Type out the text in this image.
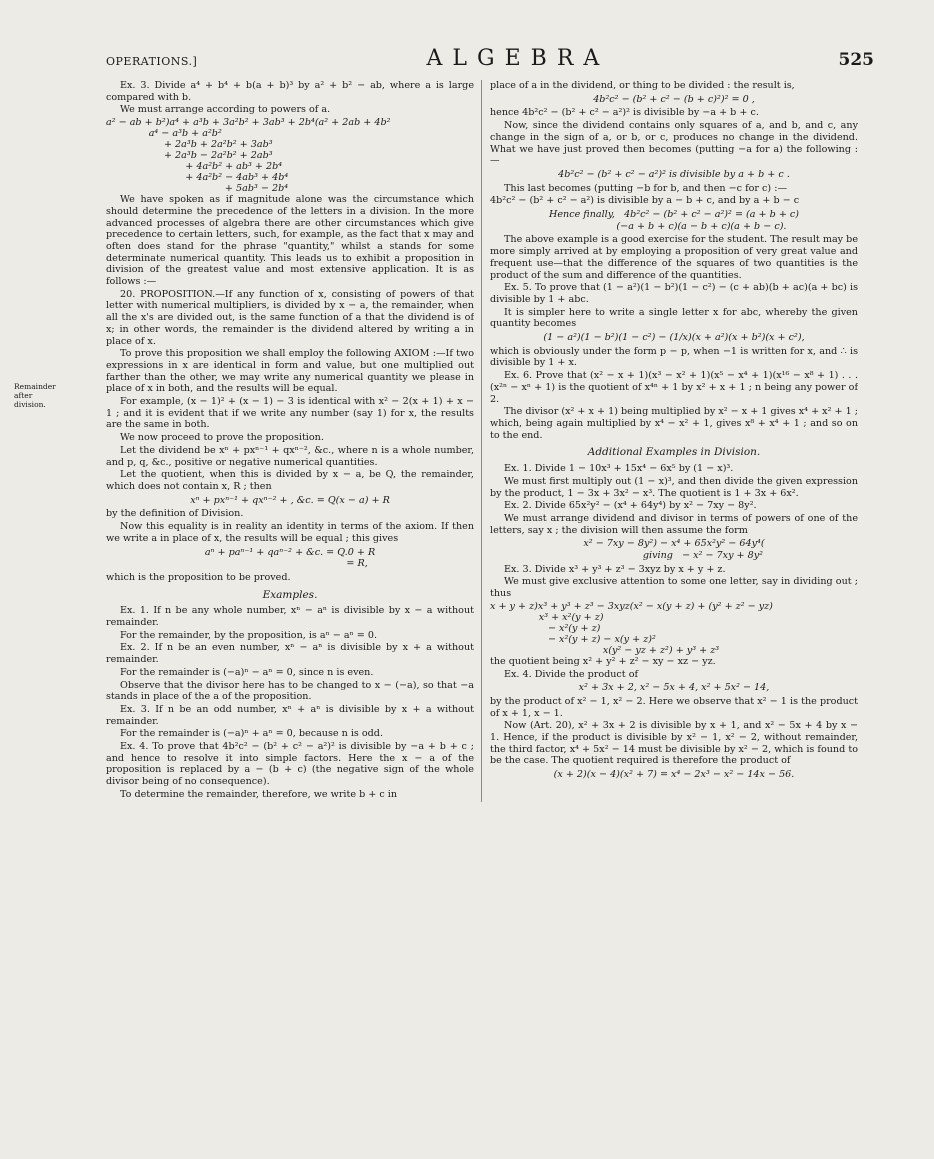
OPERATIONS.]	ALGEBRA	525

Ex. 3. Divide a⁴ + b⁴ + b(a + b)³ by a² + b² − ab, where a is large compared with b.

We must arrange according to powers of a.

a² − ab + b²)a⁴ + a³b + 3a²b² + 3ab³ + 2b⁴(a² + 2ab + 4b²
a⁴ − a³b + a²b²
+ 2a³b + 2a²b² + 3ab³
+ 2a³b − 2a²b² + 2ab³
+ 4a²b² + ab³ + 2b⁴
+ 4a²b² − 4ab³ + 4b⁴
+ 5ab³ − 2b⁴

We have spoken as if magnitude alone was the circumstance which should determine the precedence of the letters in a division. In the more advanced processes of algebra there are other circumstances which give precedence to certain letters, such, for example, as the fact that x may and often does stand for the phrase "quantity," whilst a stands for some determinate numerical quantity. This leads us to exhibit a proposition in division of the greatest value and most extensive application. It is as follows :—

20. PROPOSITION.—If any function of x, consisting of powers of that letter with numerical multipliers, is divided by x − a, the remainder, when all the x's are divided out, is the same function of a that the dividend is of x; in other words, the remainder is the dividend altered by writing a in place of x.

To prove this proposition we shall employ the following AXIOM :—If two expressions in x are identical in form and value, but one multiplied out farther than the other, we may write any numerical quantity we please in place of x in both, and the results will be equal.

For example, (x − 1)² + (x − 1) − 3 is identical with x² − 2(x + 1) + x − 1 ; and it is evident that if we write any number (say 1) for x, the results are the same in both.

We now proceed to prove the proposition.

Let the dividend be xⁿ + pxⁿ⁻¹ + qxⁿ⁻², &c., where n is a whole number, and p, q, &c., positive or negative numerical quantities.

Let the quotient, when this is divided by x − a, be Q, the remainder, which does not contain x, R ; then

xⁿ + pxⁿ⁻¹ + qxⁿ⁻² + , &c. = Q(x − a) + R

by the definition of Division.

Now this equality is in reality an identity in terms of the axiom. If then we write a in place of x, the results will be equal ; this gives

aⁿ + paⁿ⁻¹ + qaⁿ⁻² + &c. = Q.0 + R
= R,

which is the proposition to be proved.

Examples.

Ex. 1. If n be any whole number, xⁿ − aⁿ is divisible by x − a without remainder.

For the remainder, by the proposition, is aⁿ − aⁿ = 0.

Ex. 2. If n be an even number, xⁿ − aⁿ is divisible by x + a without remainder.

For the remainder is (−a)ⁿ − aⁿ = 0, since n is even.

Observe that the divisor here has to be changed to x − (−a), so that −a stands in place of the a of the proposition.

Ex. 3. If n be an odd number, xⁿ + aⁿ is divisible by x + a without remainder.

For the remainder is (−a)ⁿ + aⁿ = 0, because n is odd.

Ex. 4. To prove that 4b²c² − (b² + c² − a²)² is divisible by −a + b + c ; and hence to resolve it into simple factors. Here the x − a of the proposition is replaced by a − (b + c) (the negative sign of the whole divisor being of no consequence).

To determine the remainder, therefore, we write b + c in

place of a in the dividend, or thing to be divided : the result is,

4b²c² − (b² + c² − (b + c)²)² = 0 ,

hence 4b²c² − (b² + c² − a²)² is divisible by −a + b + c.

Now, since the dividend contains only squares of a, and b, and c, any change in the sign of a, or b, or c, produces no change in the dividend. What we have just proved then becomes (putting −a for a) the following :—

4b²c² − (b² + c² − a²)² is divisible by a + b + c .

This last becomes (putting −b for b, and then −c for c) :—

4b²c² − (b² + c² − a²) is divisible by a − b + c, and by a + b − c

Hence finally,   4b²c² − (b² + c² − a²)² = (a + b + c)
(−a + b + c)(a − b + c)(a + b − c).

The above example is a good exercise for the student. The result may be more simply arrived at by employing a proposition of very great value and frequent use—that the difference of the squares of two quantities is the product of the sum and difference of the quantities.

Ex. 5. To prove that (1 − a²)(1 − b²)(1 − c²) − (c + ab)(b + ac)(a + bc) is divisible by 1 + abc.

It is simpler here to write a single letter x for abc, whereby the given quantity becomes

(1 − a²)(1 − b²)(1 − c²) − (1/x)(x + a²)(x + b²)(x + c²),

which is obviously under the form p − p, when −1 is written for x, and ∴ is divisible by 1 + x.

Ex. 6. Prove that (x² − x + 1)(x³ − x² + 1)(x⁵ − x⁴ + 1)(x¹⁶ − x⁸ + 1) . . . (x²ⁿ − xⁿ + 1) is the quotient of x⁴ⁿ + 1 by x² + x + 1 ; n being any power of 2.

The divisor (x² + x + 1) being multiplied by x² − x + 1 gives x⁴ + x² + 1 ; which, being again multiplied by x⁴ − x² + 1, gives x⁸ + x⁴ + 1 ; and so on to the end.

Additional Examples in Division.

Ex. 1. Divide 1 − 10x³ + 15x⁴ − 6x⁵ by (1 − x)³.

We must first multiply out (1 − x)³, and then divide the given expression by the product, 1 − 3x + 3x² − x³. The quotient is 1 + 3x + 6x².

Ex. 2. Divide 65x²y² − (x⁴ + 64y⁴) by x² − 7xy − 8y².

We must arrange dividend and divisor in terms of powers of one of the letters, say x ; the division will then assume the form

x² − 7xy − 8y²) − x⁴ + 65x²y² − 64y⁴(
giving   − x² − 7xy + 8y²

Ex. 3. Divide x³ + y³ + z³ − 3xyz by x + y + z.

We must give exclusive attention to some one letter, say in dividing out ; thus

x + y + z)x³ + y³ + z³ − 3xyz(x² − x(y + z) + (y² + z² − yz)
x³ + x²(y + z)
− x²(y + z)
− x²(y + z) − x(y + z)²
x(y² − yz + z²) + y³ + z³

the quotient being x² + y² + z² − xy − xz − yz.

Ex. 4. Divide the product of

x² + 3x + 2, x² − 5x + 4, x² + 5x² − 14,

by the product of x² − 1, x² − 2. Here we observe that x² − 1 is the product of x + 1, x − 1.

Now (Art. 20), x² + 3x + 2 is divisible by x + 1, and x² − 5x + 4 by x − 1. Hence, if the product is divisible by x² − 1, x² − 2, without remainder, the third factor, x⁴ + 5x² − 14 must be divisible by x² − 2, which is found to be the case. The quotient required is therefore the product of

(x + 2)(x − 4)(x² + 7) = x⁴ − 2x³ − x² − 14x − 56.
Remainder after division.
